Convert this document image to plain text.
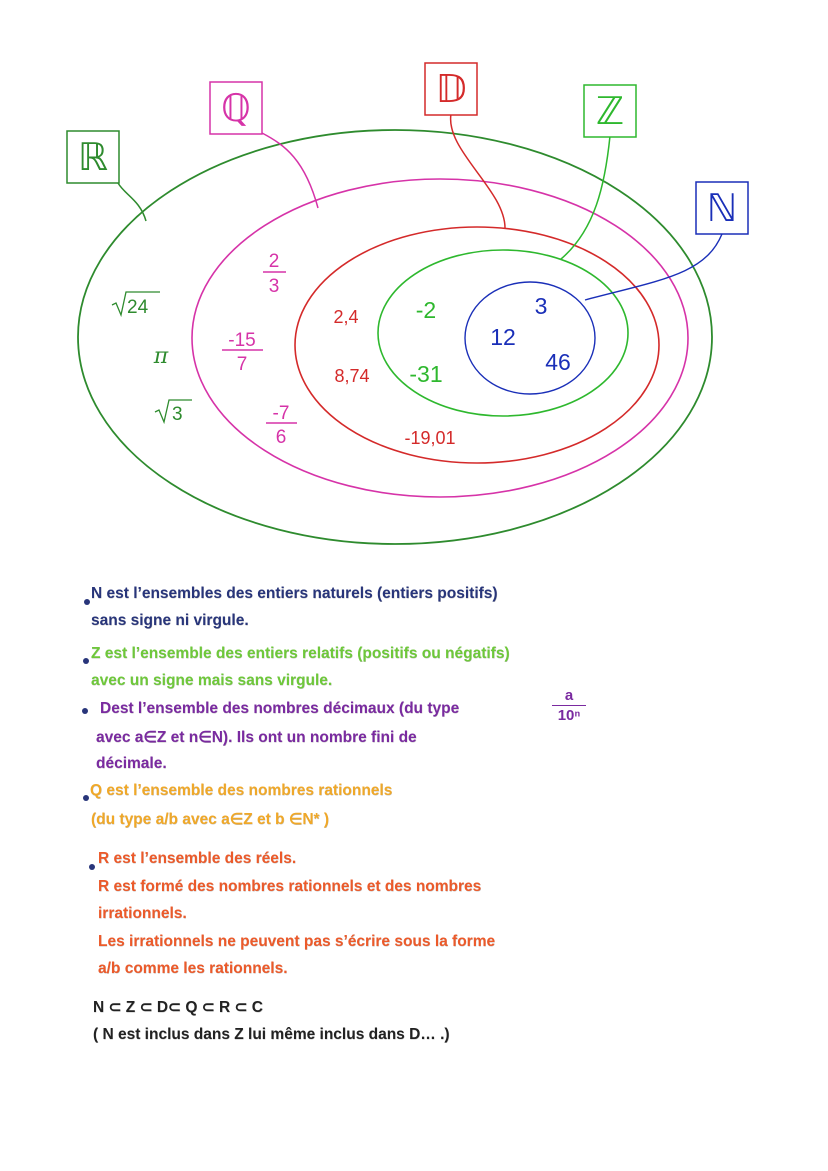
ℝ
ℚ	𝔻	ℤ
ℕ
24
π
3
2
3
-15
7
-7
6
2,4
8,74
-19,01
-2
-31
3
12
46
N est l’ensembles des entiers naturels (entiers positifs)
sans signe ni virgule.
Z est l’ensemble des entiers relatifs (positifs ou négatifs)
avec un signe mais sans virgule.
Dest l’ensemble des nombres décimaux (du type
a
10ⁿ
avec a∈Z et n∈N). Ils ont un nombre fini de
décimale.
Q est l’ensemble des nombres rationnels
(du type a/b avec a∈Z et b ∈N* )
R est l’ensemble des réels.
R est formé des nombres rationnels et des nombres
irrationnels.
Les irrationnels ne peuvent pas s’écrire sous la forme
a/b comme les rationnels.
N ⊂ Z ⊂ D⊂ Q ⊂ R ⊂ C
( N est inclus dans Z lui même inclus dans D… .)
